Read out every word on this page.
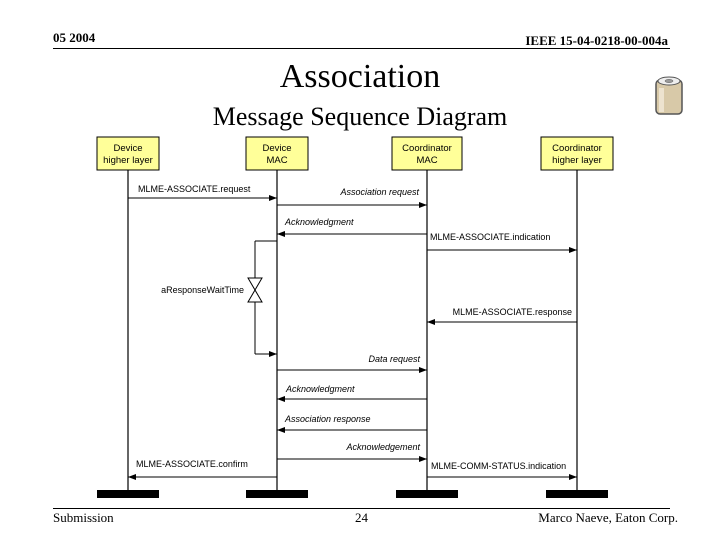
05 2004	IEEE 15-04-0218-00-004a
Association
Message Sequence Diagram
Device
higher layer
Device
MAC
Coordinator
MAC
Coordinator
higher layer
MLME-ASSOCIATE.request	Association request
Acknowledgment
MLME-ASSOCIATE.indication
MLME-ASSOCIATE.response
Data request
Acknowledgment
Association response
Acknowledgement
MLME-ASSOCIATE.confirm	MLME-COMM-STATUS.indication
aResponseWaitTime
Submission	24	Marco Naeve, Eaton Corp.
